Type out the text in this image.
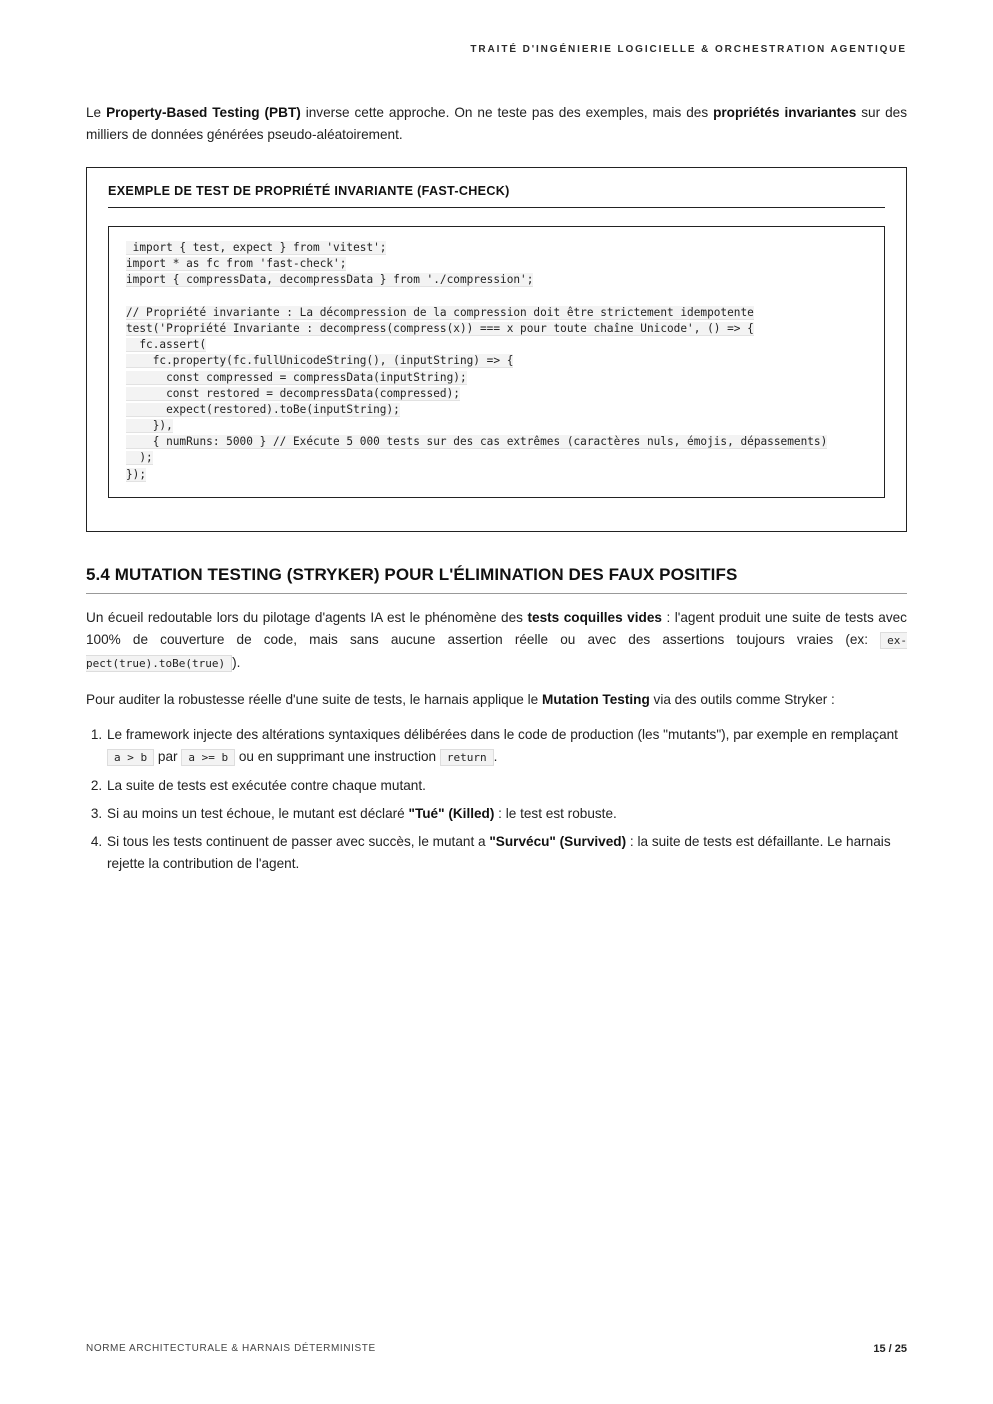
TRAITÉ D'INGÉNIERIE LOGICIELLE & ORCHESTRATION AGENTIQUE

Le Property-Based Testing (PBT) inverse cette approche. On ne teste pas des exemples, mais des propriétés invariantes sur des milliers de données générées pseudo-aléatoirement.

EXEMPLE DE TEST DE PROPRIÉTÉ INVARIANTE (FAST-CHECK)
import { test, expect } from 'vitest';
import * as fc from 'fast-check';
import { compressData, decompressData } from './compression';
// Propriété invariante : La décompression de la compression doit être strictement idempotente
test('Propriété Invariante : decompress(compress(x)) === x pour toute chaîne Unicode', () => {
fc.assert(
fc.property(fc.fullUnicodeString(), (inputString) => {
const compressed = compressData(inputString);
const restored = decompressData(compressed);
expect(restored).toBe(inputString);
}),
{ numRuns: 5000 } // Exécute 5 000 tests sur des cas extrêmes (caractères nuls, émojis, dépassements)
);
});
5.4 MUTATION TESTING (STRYKER) POUR L'ÉLIMINATION DES FAUX POSITIFS

Un écueil redoutable lors du pilotage d'agents IA est le phénomène des tests coquilles vides : l'agent produit une suite de tests avec 100% de couverture de code, mais sans aucune assertion réelle ou avec des assertions toujours vraies (ex: ex- pect(true).toBe(true) ).

Pour auditer la robustesse réelle d'une suite de tests, le harnais applique le Mutation Testing via des outils comme Stryker :

1. Le framework injecte des altérations syntaxiques délibérées dans le code de production (les "mutants"), par exemple en remplaçant a > b par a >= b ou en supprimant une instruction return .
2. La suite de tests est exécutée contre chaque mutant.
3. Si au moins un test échoue, le mutant est déclaré "Tué" (Killed) : le test est robuste.
4. Si tous les tests continuent de passer avec succès, le mutant a "Survécu" (Survived) : la suite de tests est défaillante. Le harnais rejette la contribution de l'agent.
NORME ARCHITECTURALE & HARNAIS DÉTERMINISTE	15 / 25
